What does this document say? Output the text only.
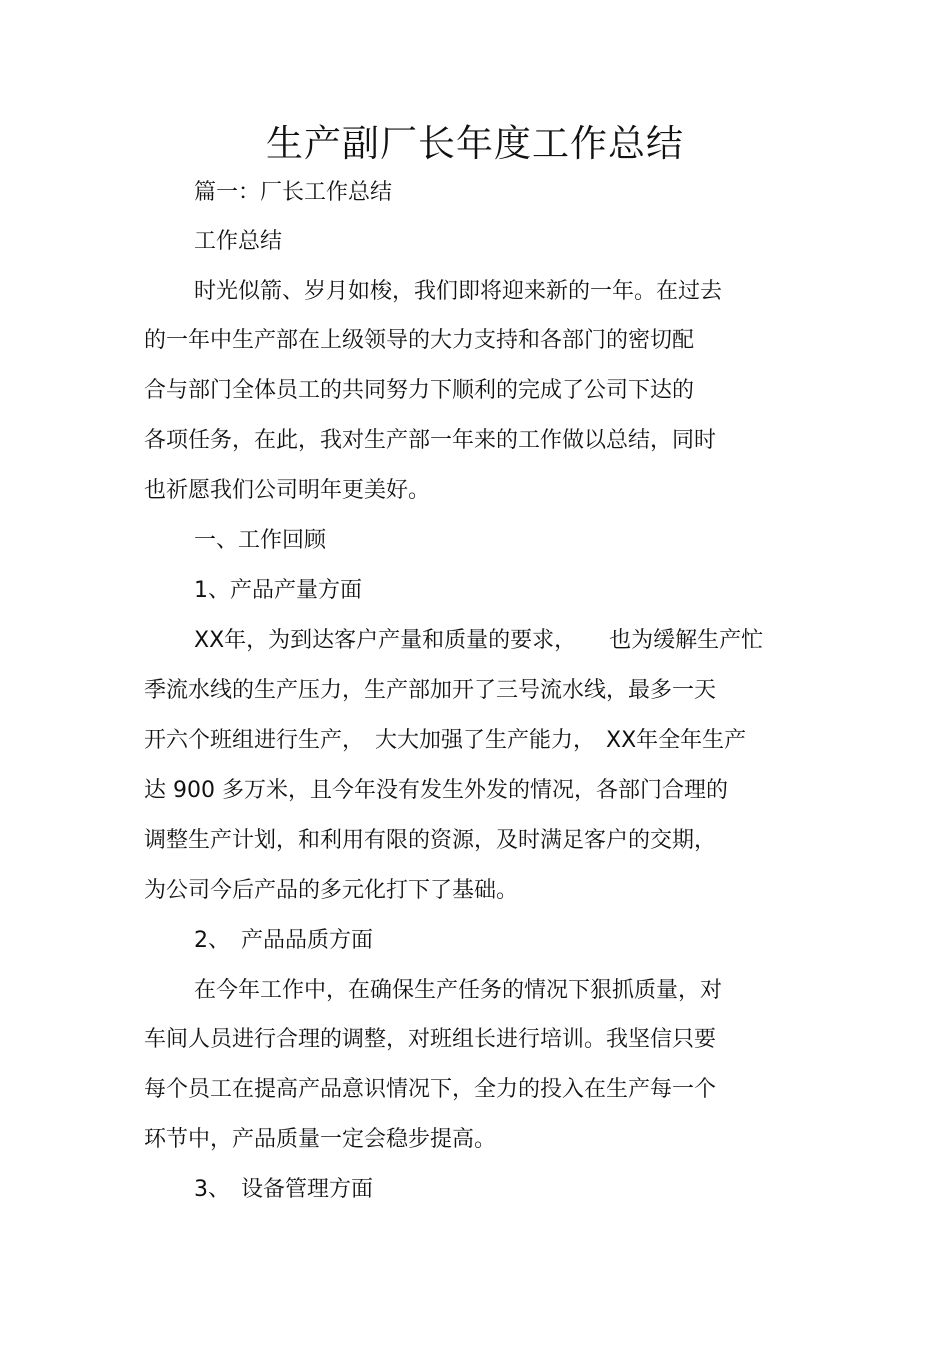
生产副厂长年度工作总结
篇一：厂长工作总结
工作总结
时光似箭、岁月如梭，我们即将迎来新的一年。在过去
的一年中生产部在上级领导的大力支持和各部门的密切配
合与部门全体员工的共同努力下顺利的完成了公司下达的
各项任务，在此，我对生产部一年来的工作做以总结，同时
也祈愿我们公司明年更美好。
一、工作回顾
1、产品产量方面
XX年，为到达客户产量和质量的要求，　　也为缓解生产忙
季流水线的生产压力，生产部加开了三号流水线，最多一天
开六个班组进行生产，　大大加强了生产能力，　XX年全年生产
达 900 多万米，且今年没有发生外发的情况，各部门合理的
调整生产计划，和利用有限的资源，及时满足客户的交期，
为公司今后产品的多元化打下了基础。
2、　产品品质方面
在今年工作中，在确保生产任务的情况下狠抓质量，对
车间人员进行合理的调整，对班组长进行培训。我坚信只要
每个员工在提高产品意识情况下，全力的投入在生产每一个
环节中，产品质量一定会稳步提高。
3、　设备管理方面
